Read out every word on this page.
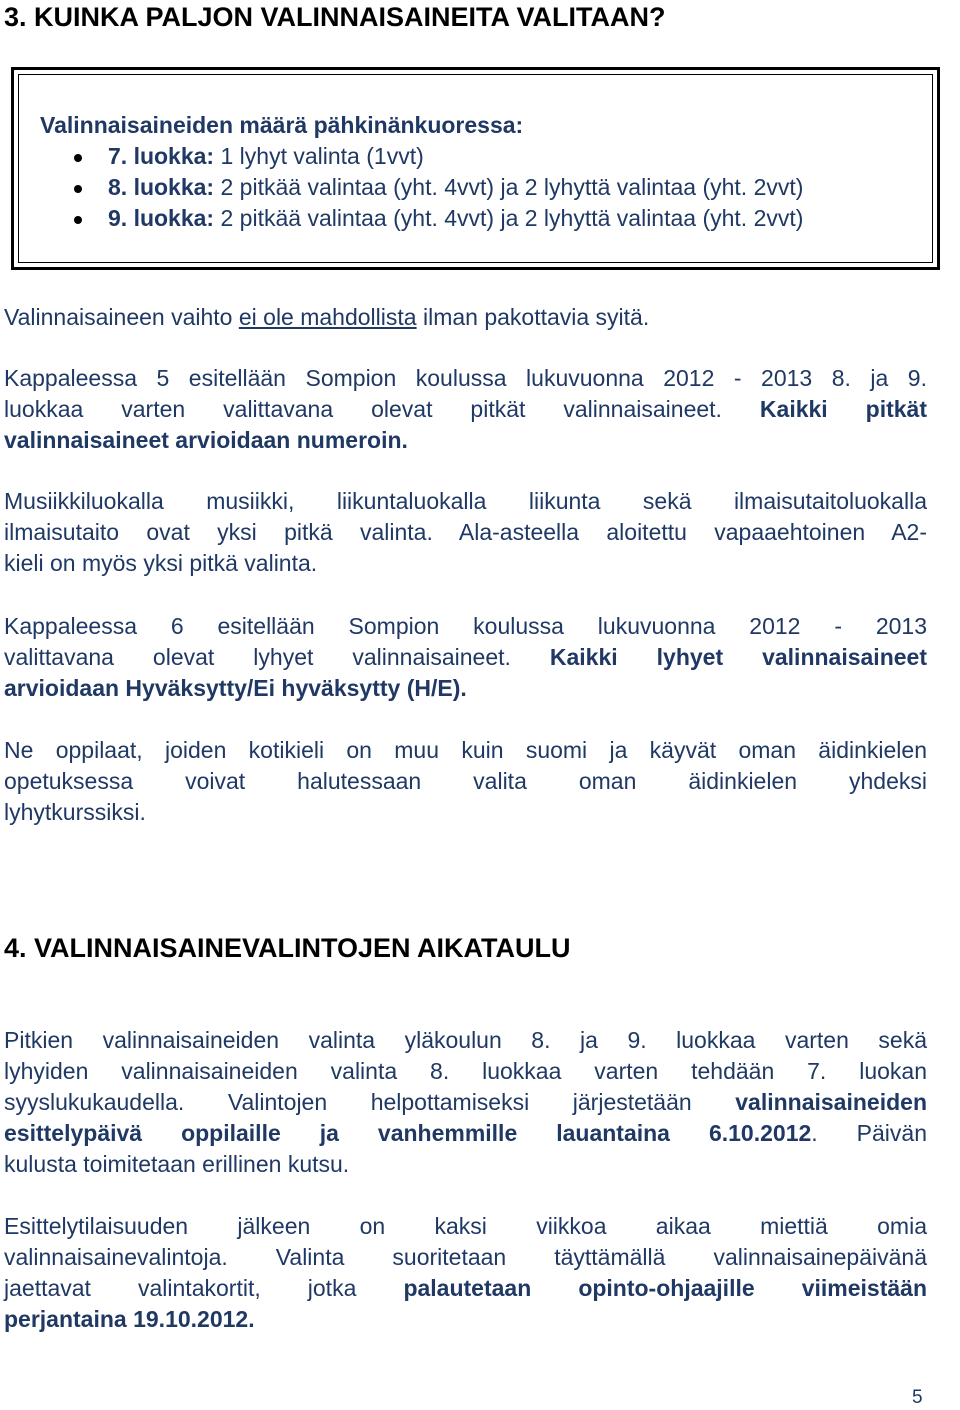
3. KUINKA PALJON VALINNAISAINEITA VALITAAN?
Valinnaisaineiden määrä pähkinänkuoressa:
7. luokka: 1 lyhyt valinta (1vvt)
8. luokka: 2 pitkää valintaa (yht. 4vvt) ja 2 lyhyttä valintaa (yht. 2vvt)
9. luokka: 2 pitkää valintaa (yht. 4vvt) ja 2 lyhyttä valintaa (yht. 2vvt)
Valinnaisaineen vaihto ei ole mahdollista ilman pakottavia syitä.
Kappaleessa 5 esitellään Sompion koulussa lukuvuonna 2012 - 2013 8. ja 9.
luokkaa varten valittavana olevat pitkät valinnaisaineet. Kaikki pitkät
valinnaisaineet arvioidaan numeroin.
Musiikkiluokalla musiikki, liikuntaluokalla liikunta sekä ilmaisutaitoluokalla
ilmaisutaito ovat yksi pitkä valinta. Ala-asteella aloitettu vapaaehtoinen A2-
kieli on myös yksi pitkä valinta.
Kappaleessa 6 esitellään Sompion koulussa lukuvuonna 2012 - 2013
valittavana olevat lyhyet valinnaisaineet. Kaikki lyhyet valinnaisaineet
arvioidaan Hyväksytty/Ei hyväksytty (H/E).
Ne oppilaat, joiden kotikieli on muu kuin suomi ja käyvät oman äidinkielen
opetuksessa voivat halutessaan valita oman äidinkielen yhdeksi
lyhytkurssiksi.
4. VALINNAISAINEVALINTOJEN AIKATAULU
Pitkien valinnaisaineiden valinta yläkoulun 8. ja 9. luokkaa varten sekä
lyhyiden valinnaisaineiden valinta 8. luokkaa varten tehdään 7. luokan
syyslukukaudella. Valintojen helpottamiseksi järjestetään valinnaisaineiden
esittelypäivä oppilaille ja vanhemmille lauantaina 6.10.2012. Päivän
kulusta toimitetaan erillinen kutsu.
Esittelytilaisuuden jälkeen on kaksi viikkoa aikaa miettiä omia
valinnaisainevalintoja. Valinta suoritetaan täyttämällä valinnaisainepäivänä
jaettavat valintakortit, jotka palautetaan opinto-ohjaajille viimeistään
perjantaina 19.10.2012.
5
